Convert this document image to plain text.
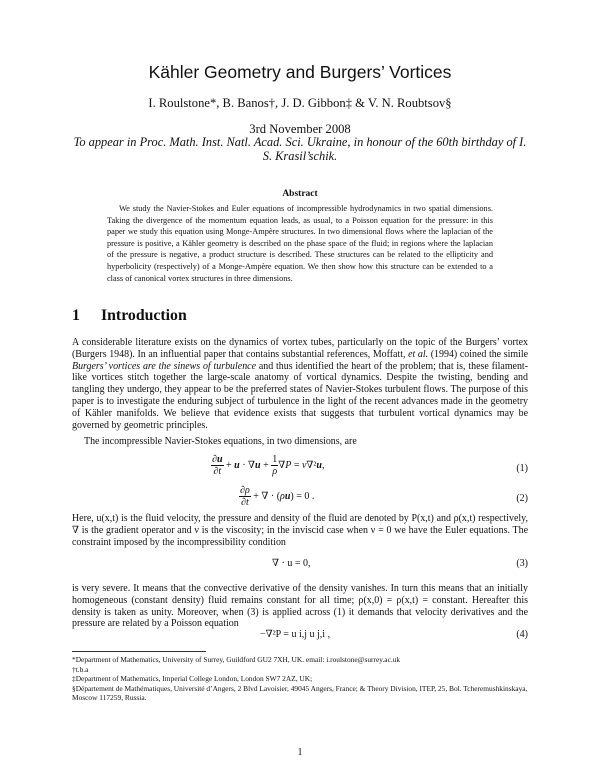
Kähler Geometry and Burgers’ Vortices
I. Roulstone*, B. Banos†, J. D. Gibbon‡ & V. N. Roubtsov§
3rd November 2008
To appear in Proc. Math. Inst. Natl. Acad. Sci. Ukraine, in honour of the 60th birthday of I. S. Krasil’schik.
Abstract

We study the Navier-Stokes and Euler equations of incompressible hydrodynamics in two spatial dimensions. Taking the divergence of the momentum equation leads, as usual, to a Poisson equation for the pressure: in this paper we study this equation using Monge-Ampère structures. In two dimensional flows where the laplacian of the pressure is positive, a Kähler geometry is described on the phase space of the fluid; in regions where the laplacian of the pressure is negative, a product structure is described. These structures can be related to the ellipticity and hyperbolicity (respectively) of a Monge-Ampère equation. We then show how this structure can be extended to a class of canonical vortex structures in three dimensions.

1 Introduction

A considerable literature exists on the dynamics of vortex tubes, particularly on the topic of the Burgers’ vortex (Burgers 1948). In an influential paper that contains substantial references, Moffatt, et al. (1994) coined the simile Burgers’ vortices are the sinews of turbulence and thus identified the heart of the problem; that is, these filament-like vortices stitch together the large-scale anatomy of vortical dynamics. Despite the twisting, bending and tangling they undergo, they appear to be the preferred states of Navier-Stokes turbulent flows. The purpose of this paper is to investigate the enduring subject of turbulence in the light of the recent advances made in the geometry of Kähler manifolds. We believe that evidence exists that suggests that turbulent vortical dynamics may be governed by geometric principles.

The incompressible Navier-Stokes equations, in two dimensions, are

$\frac{\partial u}{\partial t} + u \cdot \nabla u + \frac{1}{\rho} \nabla P = \nu\nabla^2u$,	(1)
$\frac{\partial\rho}{\partial t}$ + ∇ · (ρu) = 0 .	(2)

Here, u(x,t) is the fluid velocity, the pressure and density of the fluid are denoted by P(x,t) and ρ(x,t) respectively, ∇ is the gradient operator and ν is the viscosity; in the inviscid case when ν = 0 we have the Euler equations. The constraint imposed by the incompressibility condition

∇ · u = 0,	(3)

is very severe. It means that the convective derivative of the density vanishes. In turn this means that an initially homogeneous (constant density) fluid remains constant for all time; ρ(x,0) = ρ(x,t) = constant. Hereafter this density is taken as unity. Moreover, when (3) is applied across (1) it demands that velocity derivatives and the pressure are related by a Poisson equation

−∇²P = u i,j u j,i ,	(4)
*Department of Mathematics, University of Surrey, Guildford GU2 7XH, UK. email: i.roulstone@surrey.ac.uk
†t.b.a
‡Department of Mathematics, Imperial College London, London SW7 2AZ, UK;
§Département de Mathématiques, Université d’Angers, 2 Blvd Lavoisier, 49045 Angers, France; & Theory Division, ITEP, 25, Bol. Tcheremushkinskaya, Moscow 117259, Russia.
1
